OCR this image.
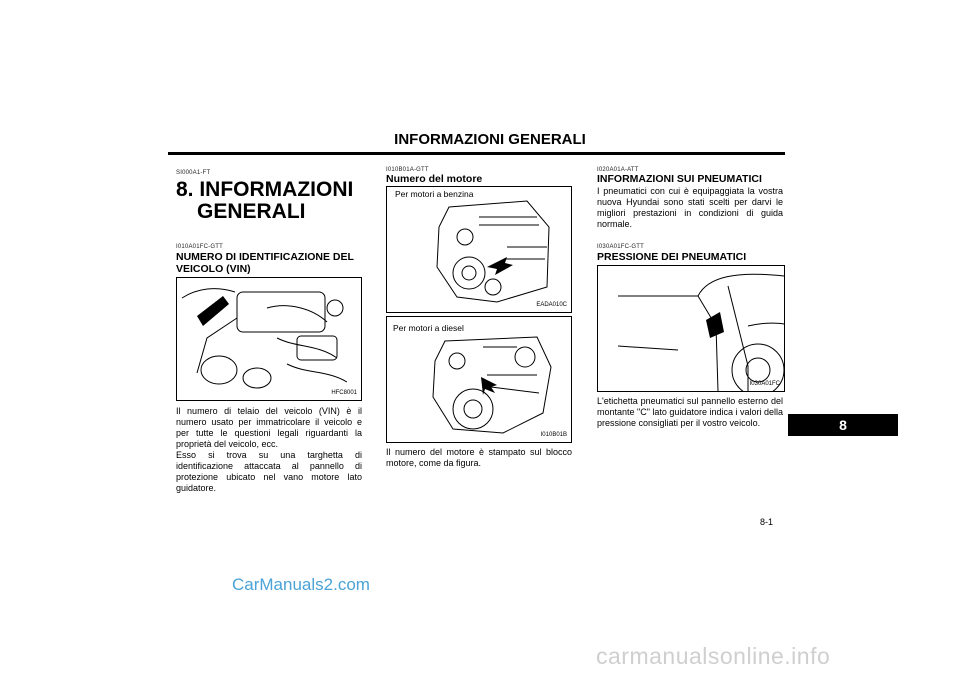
INFORMAZIONI GENERALI
SI000A1-FT
8. INFORMAZIONI
GENERALI
I010A01FC-GTT
NUMERO DI IDENTIFICAZIONE DEL VEICOLO (VIN)
HFC8001
Il numero di telaio del veicolo (VIN) è il numero usato per immatricolare il veicolo e per tutte le questioni legali riguardanti la proprietà del veicolo, ecc.
Esso si trova su una targhetta di identificazione attaccata al pannello di protezione ubicato nel vano motore lato guidatore.
I010B01A-GTT
Numero del motore
Per motori a benzina
EADA010C
Per motori a diesel
I010B01B
Il numero del motore è stampato sul blocco motore, come da figura.
I020A01A-ATT
INFORMAZIONI SUI PNEUMATICI
I pneumatici con cui è equipaggiata la vostra nuova Hyundai sono stati scelti per darvi le migliori prestazioni in condizioni di guida normale.
I030A01FC-GTT
PRESSIONE DEI PNEUMATICI
I030A01FC
L'etichetta pneumatici sul pannello esterno del montante "C" lato guidatore indica i valori della pressione consigliati per il vostro veicolo.	8
8-1
CarManuals2.com
carmanualsonline.info
